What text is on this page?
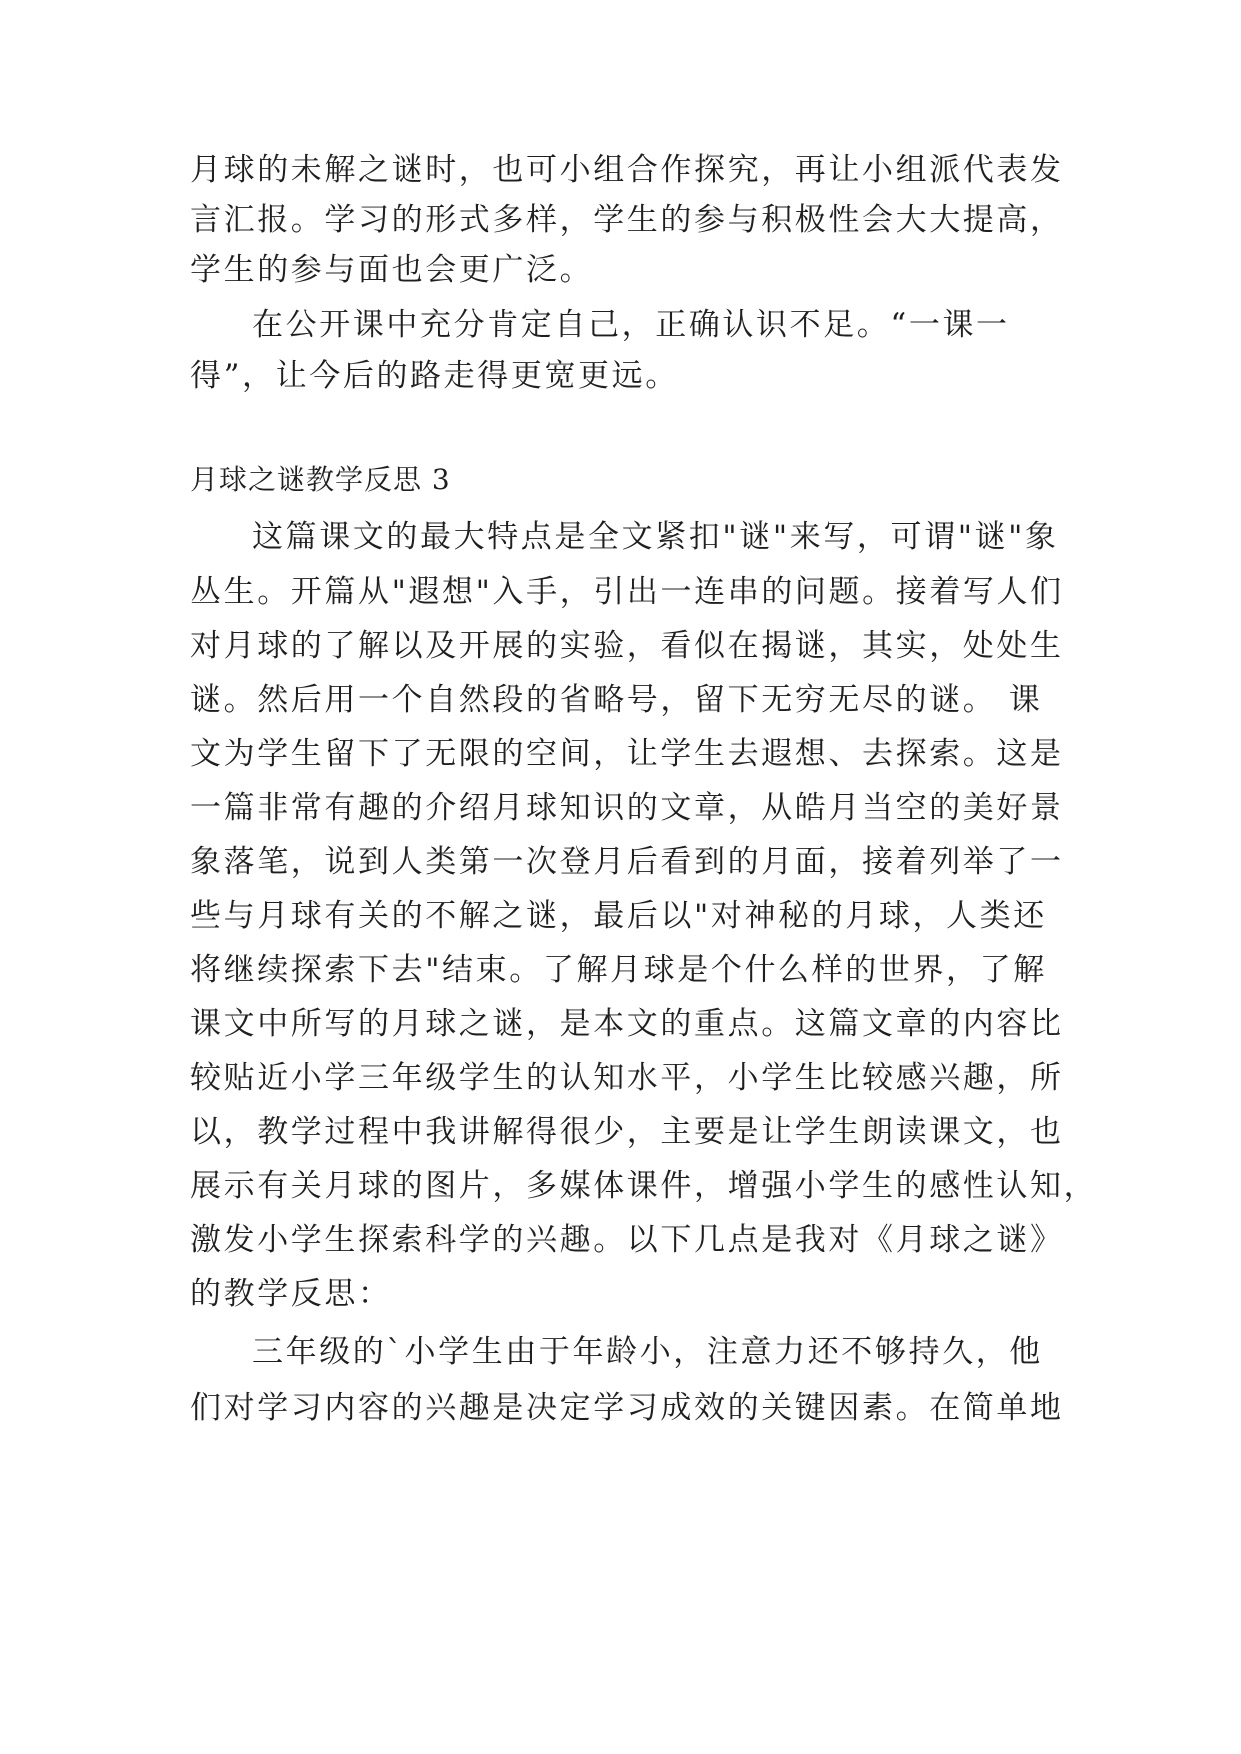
月球的未解之谜时，也可小组合作探究，再让小组派代表发
言汇报。学习的形式多样，学生的参与积极性会大大提高，
学生的参与面也会更广泛。
在公开课中充分肯定自己，正确认识不足。“一课一
得”，让今后的路走得更宽更远。
月球之谜教学反思 3
这篇课文的最大特点是全文紧扣"谜"来写，可谓"谜"象
丛生。开篇从"遐想"入手，引出一连串的问题。接着写人们
对月球的了解以及开展的实验，看似在揭谜，其实，处处生
谜。然后用一个自然段的省略号，留下无穷无尽的谜。 课
文为学生留下了无限的空间，让学生去遐想、去探索。这是
一篇非常有趣的介绍月球知识的文章，从皓月当空的美好景
象落笔，说到人类第一次登月后看到的月面，接着列举了一
些与月球有关的不解之谜，最后以"对神秘的月球，人类还
将继续探索下去"结束。了解月球是个什么样的世界，了解
课文中所写的月球之谜，是本文的重点。这篇文章的内容比
较贴近小学三年级学生的认知水平，小学生比较感兴趣，所
以，教学过程中我讲解得很少，主要是让学生朗读课文，也
展示有关月球的图片，多媒体课件，增强小学生的感性认知，
激发小学生探索科学的兴趣。以下几点是我对《月球之谜》
的教学反思：
三年级的`小学生由于年龄小，注意力还不够持久，他
们对学习内容的兴趣是决定学习成效的关键因素。在简单地
